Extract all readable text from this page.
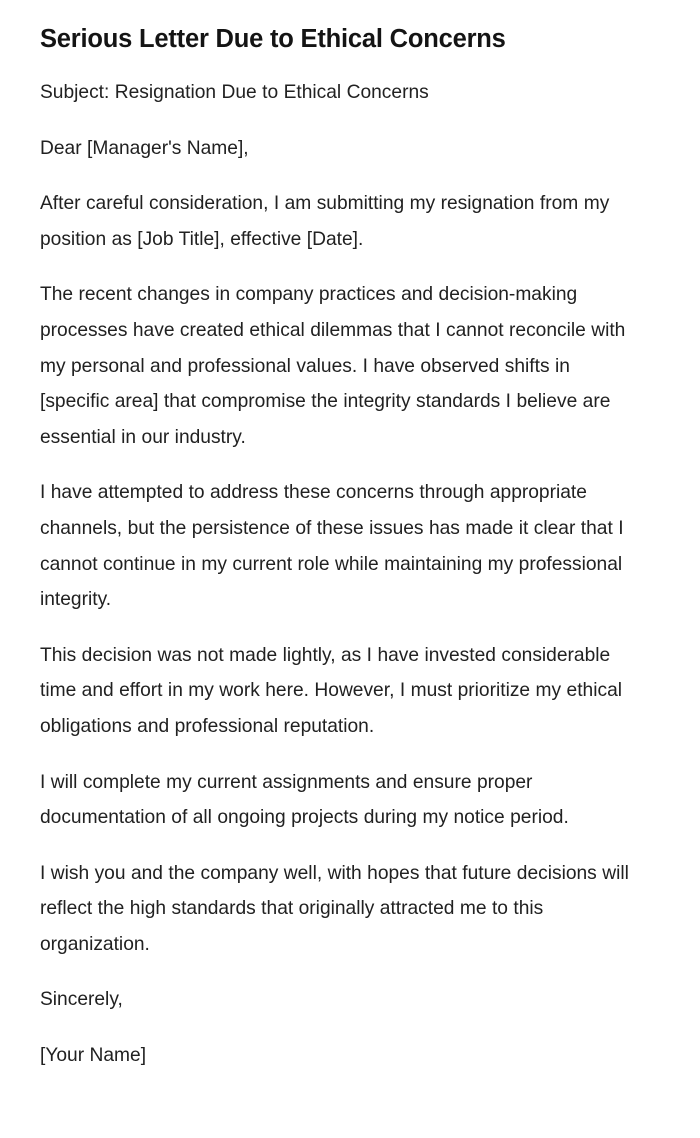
Serious Letter Due to Ethical Concerns

Subject: Resignation Due to Ethical Concerns

Dear [Manager's Name],

After careful consideration, I am submitting my resignation from my position as [Job Title], effective [Date].

The recent changes in company practices and decision-making processes have created ethical dilemmas that I cannot reconcile with my personal and professional values. I have observed shifts in [specific area] that compromise the integrity standards I believe are essential in our industry.

I have attempted to address these concerns through appropriate channels, but the persistence of these issues has made it clear that I cannot continue in my current role while maintaining my professional integrity.

This decision was not made lightly, as I have invested considerable time and effort in my work here. However, I must prioritize my ethical obligations and professional reputation.

I will complete my current assignments and ensure proper documentation of all ongoing projects during my notice period.

I wish you and the company well, with hopes that future decisions will reflect the high standards that originally attracted me to this organization.

Sincerely,

[Your Name]
